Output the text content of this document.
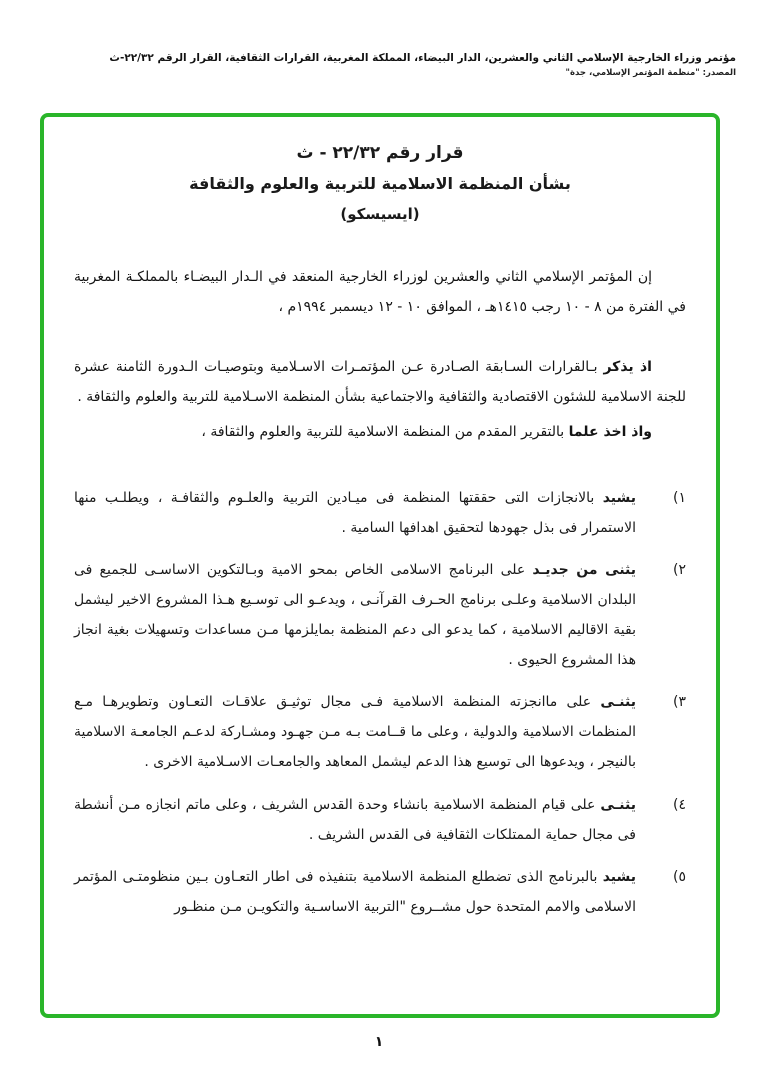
مؤتمر وزراء الخارجية الإسلامي الثاني والعشرين، الدار البيضاء، المملكة المغربية، القرارات الثقافية، القرار الرقم ٢٢/٣٢-ث
المصدر: "منظمة المؤتمر الإسلامي، جدة"
قرار رقم ٢٢/٣٢ - ث
بشأن المنظمة الاسلامية للتربية والعلوم والثقافة
(ايسيسكو)

إن المؤتمر الإسلامي الثاني والعشرين لوزراء الخارجية المنعقد في الـدار البيضـاء بالمملكـة المغربية في الفترة من ٨ - ١٠ رجب ١٤١٥هـ ، الموافق ١٠ - ١٢ ديسمبر ١٩٩٤م ،

اذ يذكر بـالقرارات السـابقة الصـادرة عـن المؤتمـرات الاسـلامية وبتوصيـات الـدورة الثامنة عشرة للجنة الاسلامية للشئون الاقتصادية والثقافية والاجتماعية بشأن المنظمة الاسـلامية للتربية والعلوم والثقافة .

واذ اخذ علما بالتقرير المقدم من المنظمة الاسلامية للتربية والعلوم والثقافة ،

١)
يشيد بالانجازات التى حققتها المنظمة فى ميـادين التربية والعلـوم والثقافـة ، ويطلـب منها الاستمرار فى بذل جهودها لتحقيق اهدافها السامية .
٢)
يثنى من جديـد على البرنامج الاسلامى الخاص بمحو الامية وبـالتكوين الاساسـى للجميع فى البلدان الاسلامية وعلـى برنامج الحـرف القرآنـى ، ويدعـو الى توسـيع هـذا المشروع الاخير ليشمل بقية الاقاليم الاسلامية ، كما يدعو الى دعم المنظمة بمايلزمها مـن مساعدات وتسهيلات بغية انجاز هذا المشروع الحيوى .
٣)
يثنـى على ماانجزته المنظمة الاسلامية فـى مجال توثيـق علاقـات التعـاون وتطويرهـا مـع المنظمات الاسلامية والدولية ، وعلى ما قــامت بـه مـن جهـود ومشـاركة لدعـم الجامعـة الاسلامية بالنيجر ، ويدعوها الى توسيع هذا الدعم ليشمل المعاهد والجامعـات الاسـلامية الاخرى .
٤)
يثنـى على قيام المنظمة الاسلامية بانشاء وحدة القدس الشريف ، وعلى ماتم انجازه مـن أنشطة فى مجال حماية الممتلكات الثقافية فى القدس الشريف .
٥)
يشيد بالبرنامج الذى تضطلع المنظمة الاسلامية بتنفيذه فى اطار التعـاون بـين منظومتـى المؤتمر الاسلامى والامم المتحدة حول مشــروع "التربية الاساسـية والتكويـن مـن منظـور
١
